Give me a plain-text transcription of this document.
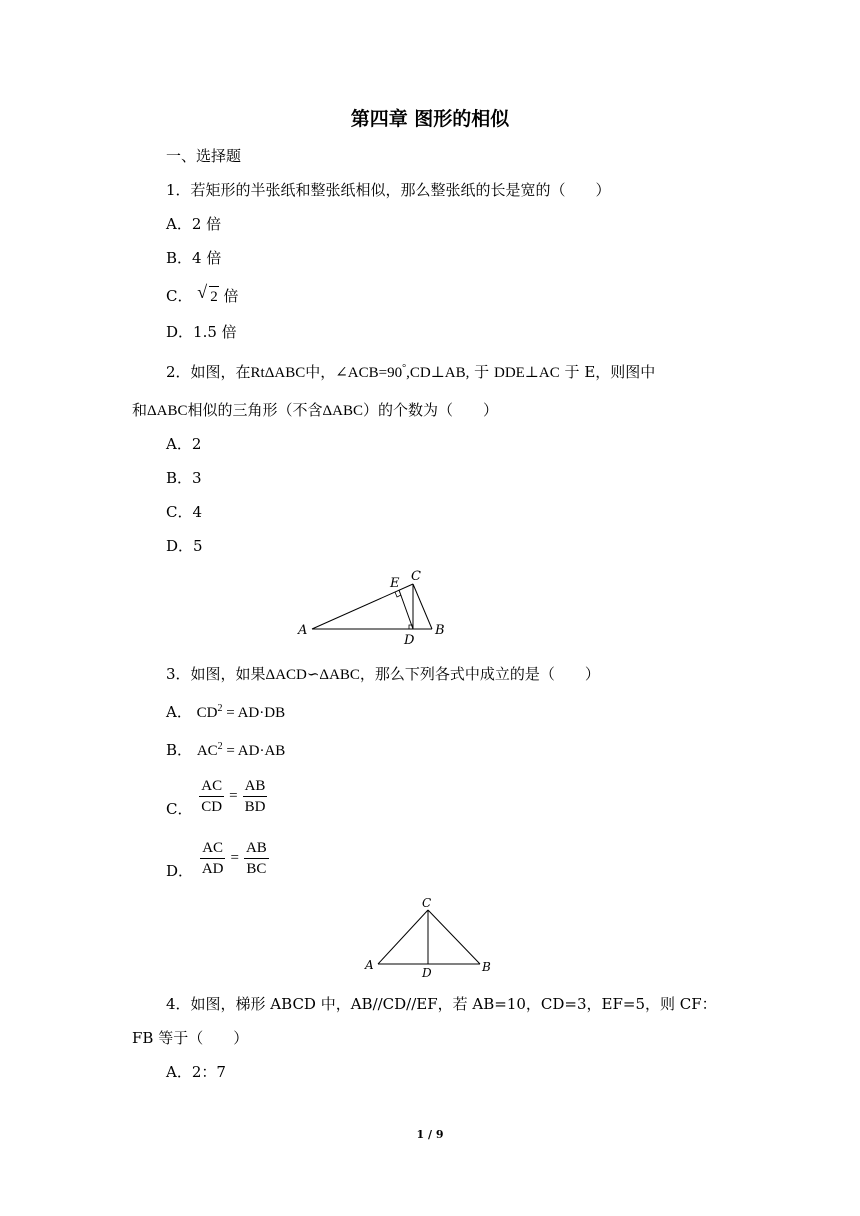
第四章 图形的相似
一、选择题
1．若矩形的半张纸和整张纸相似，那么整张纸的长是宽的（　　）
A．2 倍
B．4 倍
C． √ 2 倍
D．1.5 倍
2．如图，在RtΔABC中，∠ACB=90°,CD⊥AB, 于 DDE⊥AC 于 E，则图中
和ΔABC相似的三角形（不含ΔABC）的个数为（　　）
A．2
B．3
C．4
D．5
A	B
C
D
E
3．如图，如果ΔACD∽ΔABC，那么下列各式中成立的是（　　）
A． $CD^2 = AD\cdot DB$
B． $AC^2 = AD\cdot AB$
C． $\frac{AC}{CD} = \frac{AB}{BD}$
D． $\frac{AC}{AD} = \frac{AB}{BC}$
C
A	B
D
4．如图，梯形 ABCD 中，AB//CD//EF，若 AB=10，CD=3，EF=5，则 CF：
FB 等于（　　）
A．2：7
1 / 9
